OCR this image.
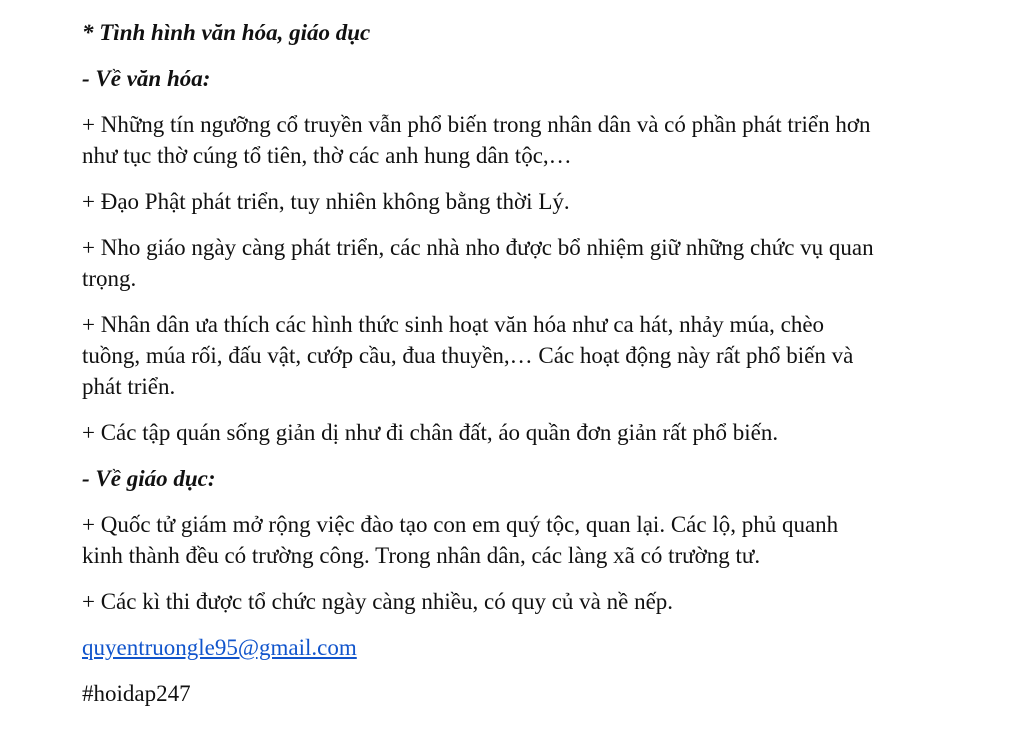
* Tình hình văn hóa, giáo dục

- Về văn hóa:

+ Những tín ngưỡng cổ truyền vẫn phổ biến trong nhân dân và có phần phát triển hơn

như tục thờ cúng tổ tiên, thờ các anh hung dân tộc,…

+ Đạo Phật phát triển, tuy nhiên không bằng thời Lý.

+ Nho giáo ngày càng phát triển, các nhà nho được bổ nhiệm giữ những chức vụ quan

trọng.

+ Nhân dân ưa thích các hình thức sinh hoạt văn hóa như ca hát, nhảy múa, chèo

tuồng, múa rối, đấu vật, cướp cầu, đua thuyền,… Các hoạt động này rất phổ biến và

phát triển.

+ Các tập quán sống giản dị như đi chân đất, áo quần đơn giản rất phổ biến.

- Về giáo dục:

+ Quốc tử giám mở rộng việc đào tạo con em quý tộc, quan lại. Các lộ, phủ quanh

kinh thành đều có trường công. Trong nhân dân, các làng xã có trường tư.

+ Các kì thi được tổ chức ngày càng nhiều, có quy củ và nề nếp.

quyentruongle95@gmail.com

#hoidap247
